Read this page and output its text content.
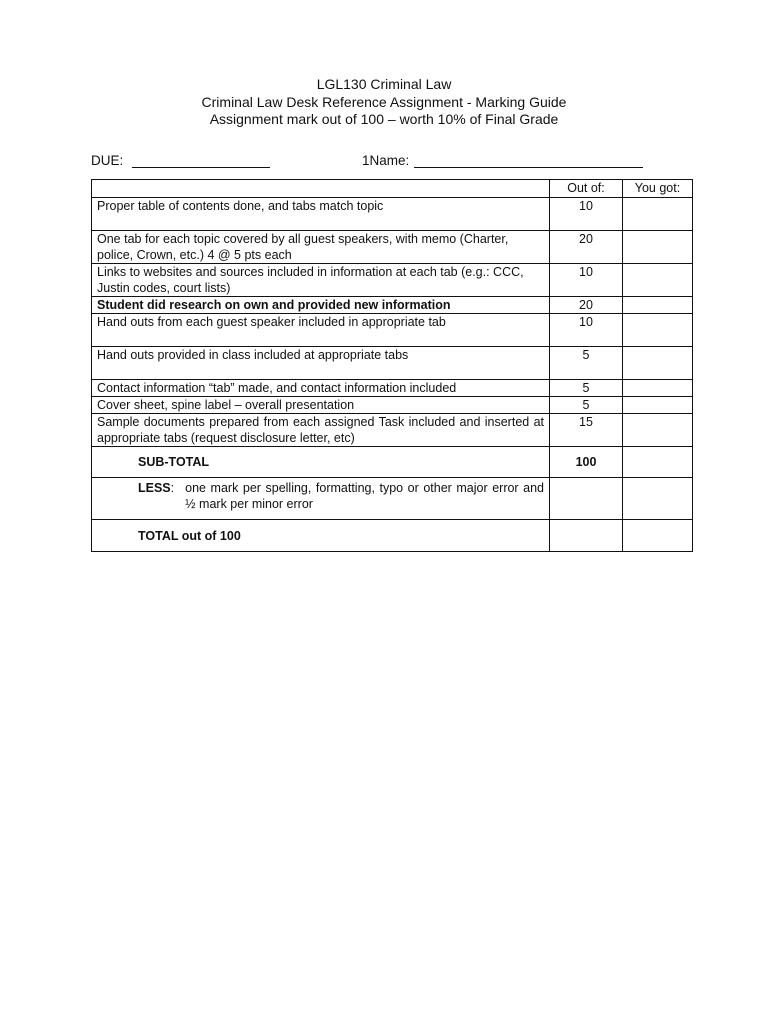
LGL130 Criminal Law
Criminal Law Desk Reference Assignment - Marking Guide
Assignment mark out of 100 – worth 10% of Final Grade
DUE:	1Name:
	Out of:	You got:
Proper table of contents done, and tabs match topic	10	
One tab for each topic covered by all guest speakers, with memo (Charter, police, Crown, etc.) 4 @ 5 pts each	20	
Links to websites and sources included in information at each tab (e.g.: CCC, Justin codes, court lists)	10	
Student did research on own and provided new information	20	
Hand outs from each guest speaker included in appropriate tab	10	
Hand outs provided in class included at appropriate tabs	5	
Contact information “tab” made, and contact information included	5	
Cover sheet, spine label – overall presentation	5	
Sample documents prepared from each assigned Task included and inserted at appropriate tabs (request disclosure letter, etc)	15	
SUB-TOTAL	100	

LESS : one mark per spelling, formatting, typo or other major error and ½ mark per minor error		

TOTAL out of 100		
